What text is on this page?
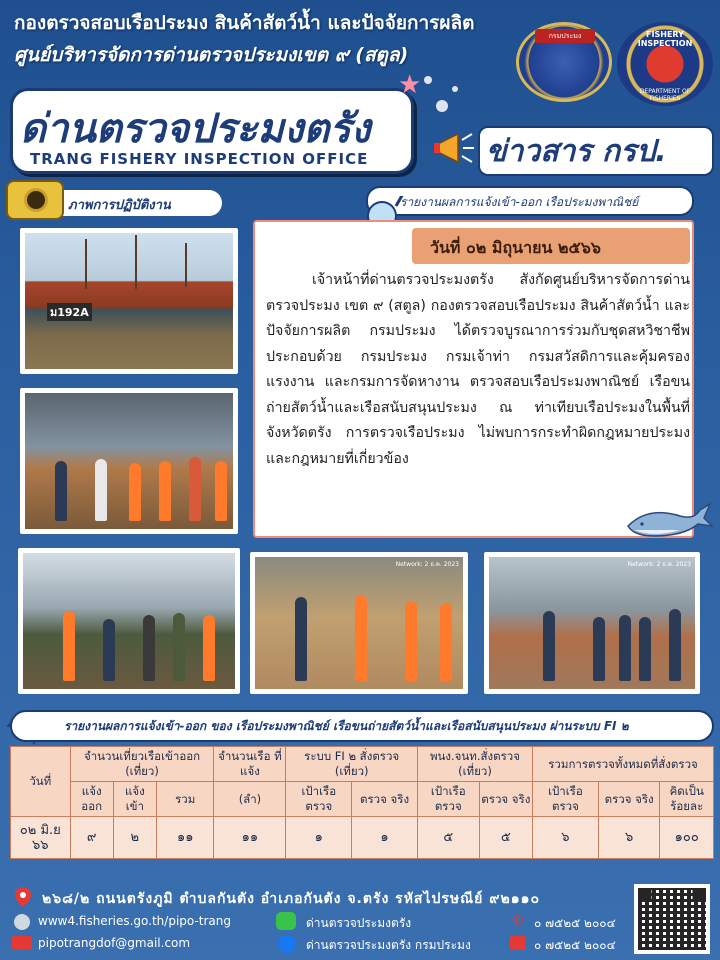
กองตรวจสอบเรือประมง สินค้าสัตว์น้ำ และปัจจัยการผลิต
ศูนย์บริหารจัดการด่านตรวจประมงเขต ๙ (สตูล)
กรมประมง	FISHERY INSPECTION
DEPARTMENT OF FISHERIES
ด่านตรวจประมงตรัง
TRANG FISHERY INSPECTION OFFICE
★
ข่าวสาร กรป.
ภาพการปฏิบัติงาน	รายงานผลการแจ้งเข้า-ออก เรือประมงพาณิชย์
ม192A
Network: 2 ธ.ค. 2023	Network: 2 ธ.ค. 2023
วันที่ ๐๒ มิถุนายน ๒๕๖๖
เจ้าหน้าที่ด่านตรวจประมงตรัง สังกัดศูนย์บริหารจัดการด่านตรวจประมง เขต ๙ (สตูล) กองตรวจสอบเรือประมง สินค้าสัตว์น้ำ และปัจจัยการผลิต กรมประมง ได้ตรวจบูรณาการร่วมกับชุดสหวิชาชีพ ประกอบด้วย กรมประมง กรมเจ้าท่า กรมสวัสดิการและคุ้มครองแรงงาน และกรมการจัดหางาน ตรวจสอบเรือประมงพาณิชย์ เรือขนถ่ายสัตว์น้ำและเรือสนับสนุนประมง ณ ท่าเทียบเรือประมงในพื้นที่จังหวัดตรัง การตรวจเรือประมง ไม่พบการกระทำผิดกฎหมายประมงและกฎหมายที่เกี่ยวข้อง
รายงานผลการแจ้งเข้า-ออก ของ เรือประมงพาณิชย์ เรือขนถ่ายสัตว์น้ำและเรือสนับสนุนประมง ผ่านระบบ FI ๒
วันที่	จำนวนเที่ยวเรือเข้าออก (เที่ยว)			จำนวนเรือ ที่แจ้ง	ระบบ FI ๒ สั่งตรวจ (เที่ยว)		พนง.จนท.สั่งตรวจ (เที่ยว)		รวมการตรวจทั้งหมดที่สั่งตรวจ		
	แจ้ง ออก	แจ้ง เข้า	รวม	(ลำ)	เป้าเรือ ตรวจ	ตรวจ จริง	เป้าเรือ ตรวจ	ตรวจ จริง	เป้าเรือ ตรวจ	ตรวจ จริง	คิดเป็น ร้อยละ
๐๒ มิ.ย ๖๖	๙	๒	๑๑	๑๑	๑	๑	๕	๕	๖	๖	๑๐๐
๒๖๘/๒ ถนนตรังภูมิ ตำบลกันตัง อำเภอกันตัง จ.ตรัง รหัสไปรษณีย์ ๙๒๑๑๐
www4.fisheries.go.th/pipo-trang
pipotrangdof@gmail.com
ด่านตรวจประมงตรัง
ด่านตรวจประมงตรัง กรมประมง
✆ ๐ ๗๕๒๕ ๒๐๐๔
๐ ๗๕๒๕ ๒๐๐๔
